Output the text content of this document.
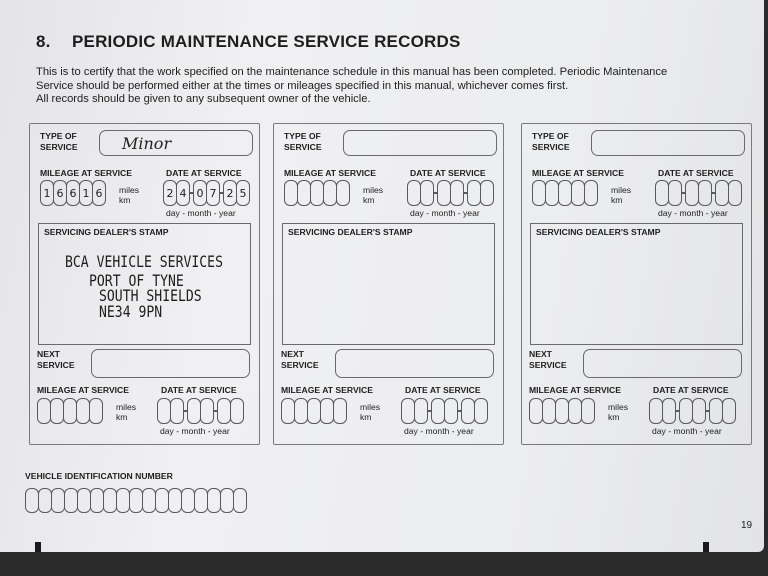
8. PERIODIC MAINTENANCE SERVICE RECORDS

This is to certify that the work specified on the maintenance schedule in this manual has been completed. Periodic Maintenance

Service should be performed either at the times or mileages specified in this manual, whichever comes first.

All records should be given to any subsequent owner of the vehicle.

TYPE OF
SERVICE	Minor
MILEAGE AT SERVICE	DATE AT SERVICE
1 6 6 1 6	miles
km
2 4 0 7 2 5
day - month - year
SERVICING DEALER'S STAMP
BCA VEHICLE SERVICES
PORT OF TYNE
SOUTH SHIELDS
NE34 9PN
NEXT
SERVICE
MILEAGE AT SERVICE	DATE AT SERVICE
miles
km
day - month - year
TYPE OF
SERVICE
MILEAGE AT SERVICE	DATE AT SERVICE
miles
km
day - month - year
SERVICING DEALER'S STAMP
NEXT
SERVICE
MILEAGE AT SERVICE	DATE AT SERVICE
miles
km
day - month - year
TYPE OF
SERVICE
MILEAGE AT SERVICE	DATE AT SERVICE
miles
km
day - month - year
SERVICING DEALER'S STAMP
NEXT
SERVICE
MILEAGE AT SERVICE	DATE AT SERVICE
miles
km
day - month - year
VEHICLE IDENTIFICATION NUMBER
19
